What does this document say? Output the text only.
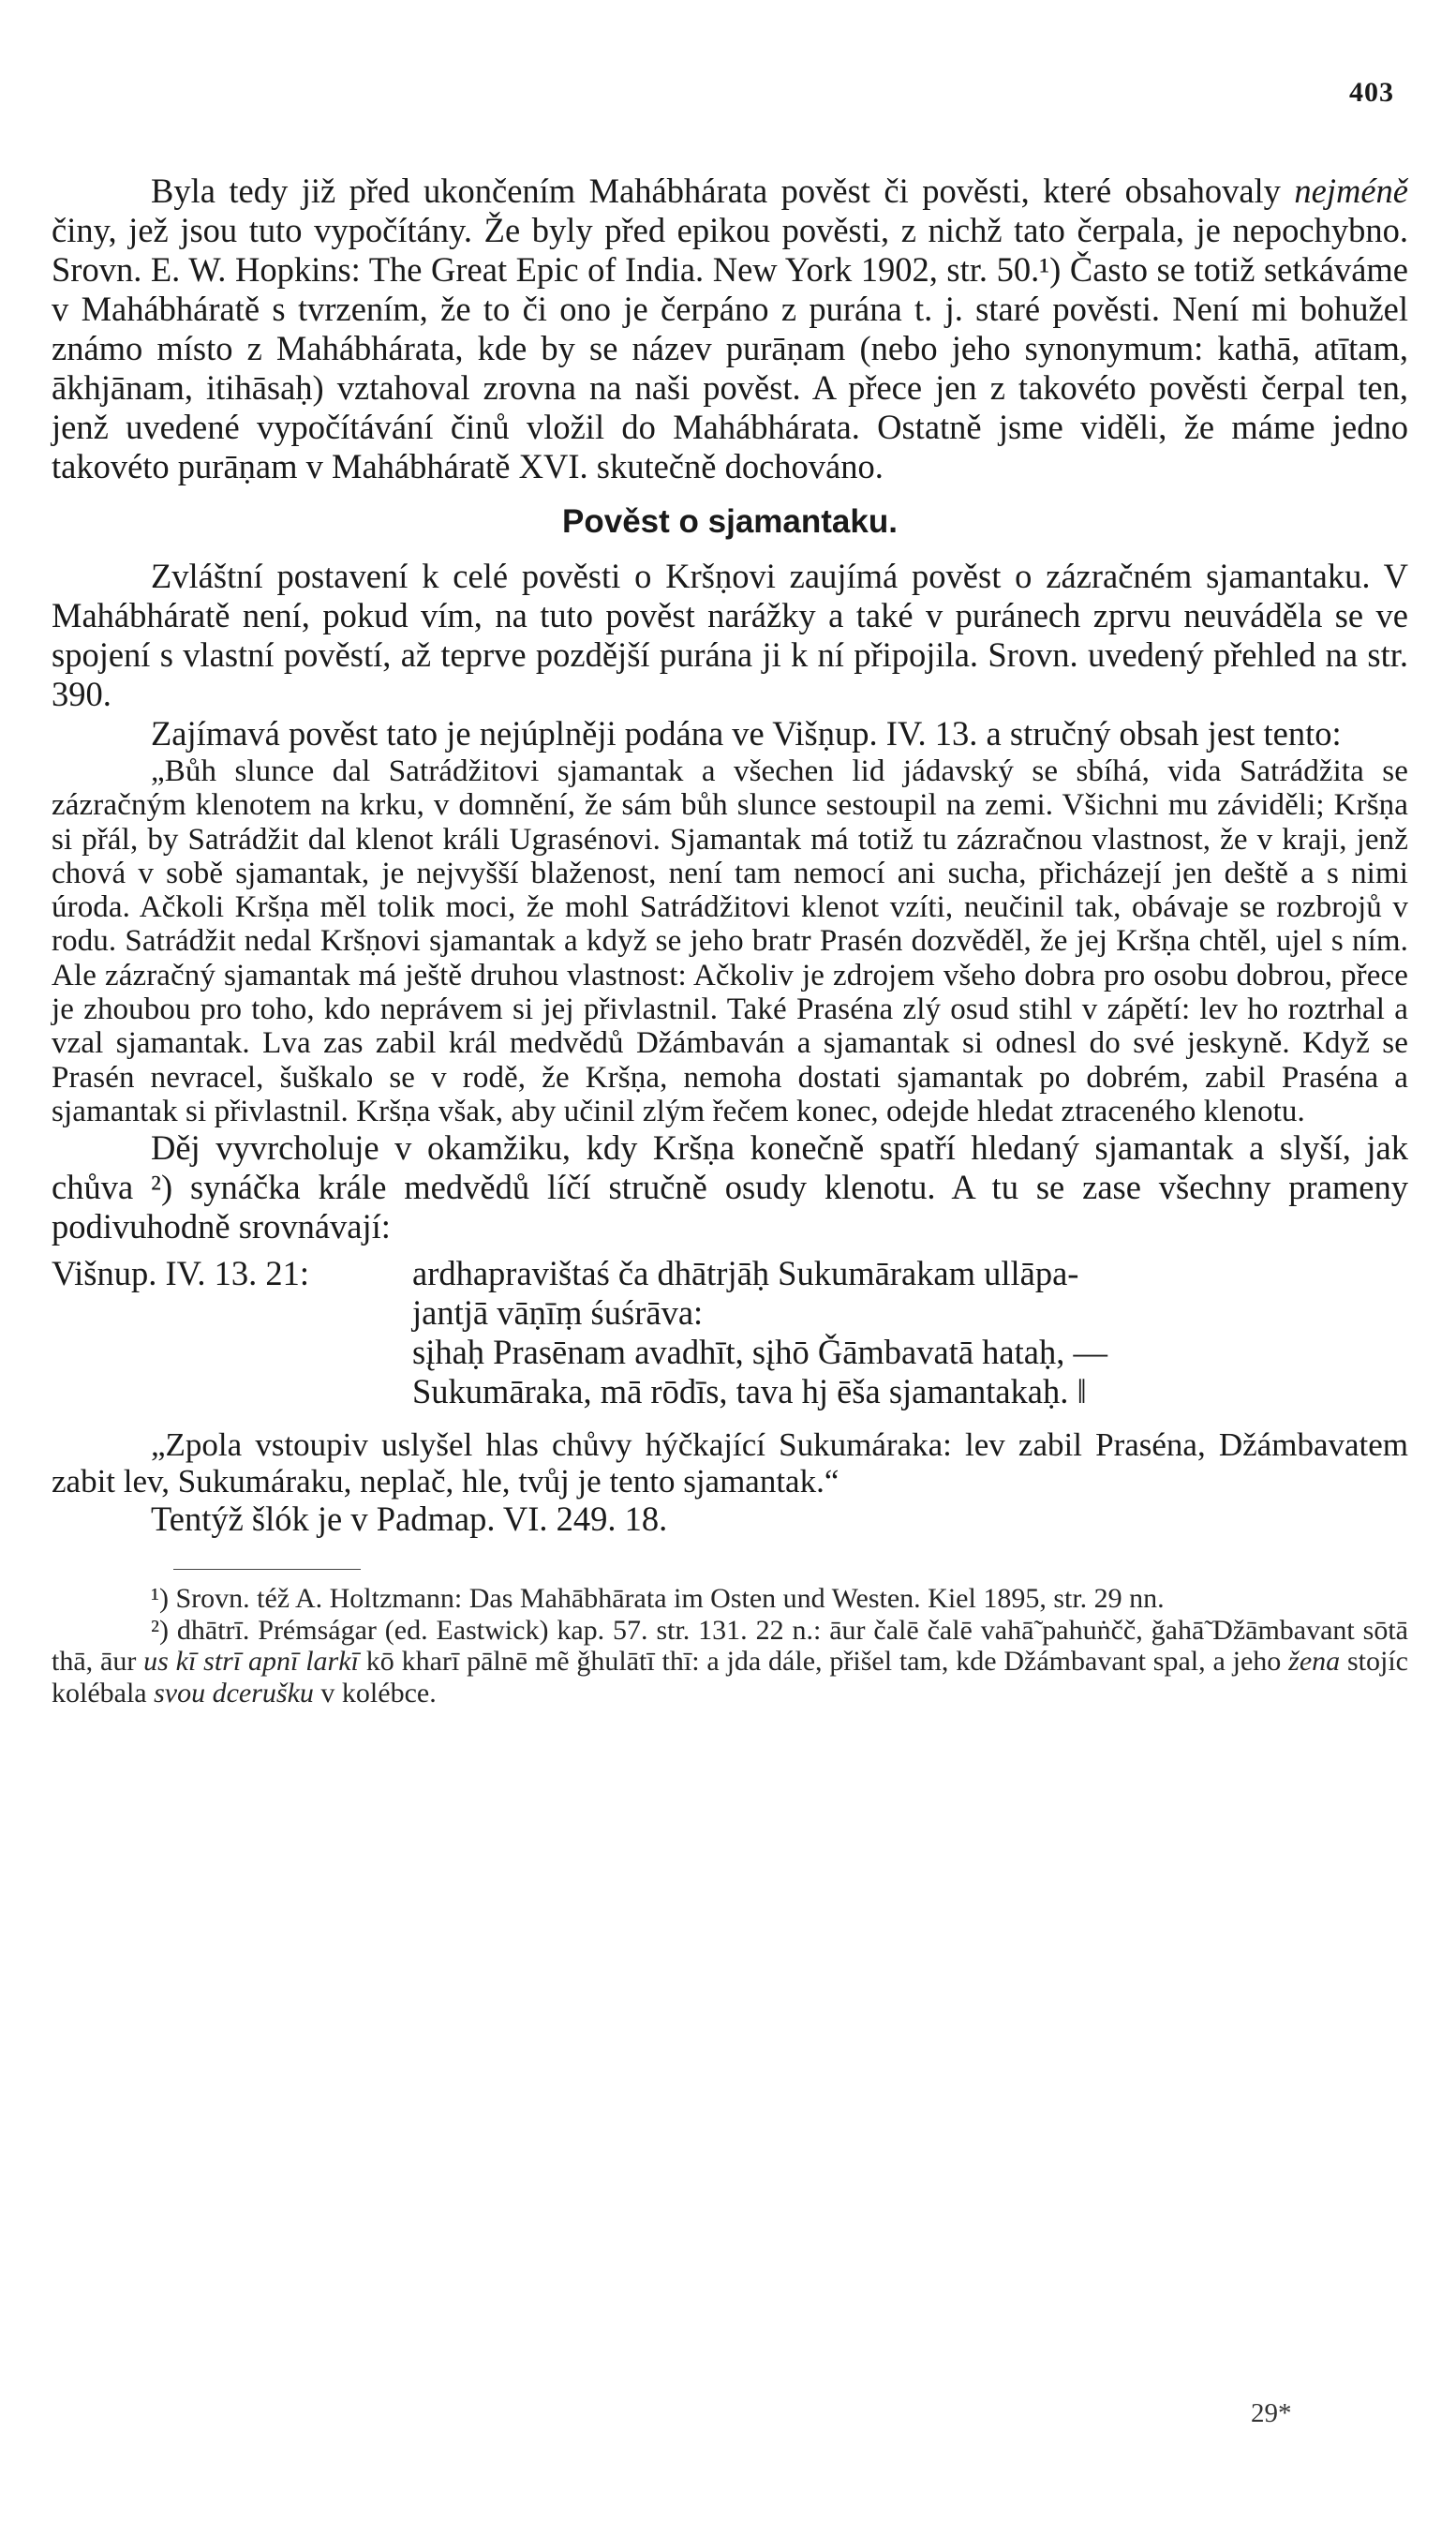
403

Byla tedy již před ukončením Mahábhárata pověst či pověsti, které obsahovaly nejméně činy, jež jsou tuto vypočítány. Že byly před epikou pověsti, z nichž tato čerpala, je nepochybno. Srovn. E. W. Hopkins: The Great Epic of India. New York 1902, str. 50.¹) Často se totiž setkáváme v Mahábháratě s tvrzením, že to či ono je čerpáno z purána t. j. staré pověsti. Není mi bohužel známo místo z Mahábhárata, kde by se název purāṇam (nebo jeho synonymum: kathā, atītam, ākhjānam, itihāsaḥ) vztahoval zrovna na naši pověst. A přece jen z takovéto pověsti čerpal ten, jenž uvedené vypočítávání činů vložil do Mahábhárata. Ostatně jsme viděli, že máme jedno takovéto purāṇam v Mahábháratě XVI. skutečně dochováno.

Pověst o sjamantaku.

Zvláštní postavení k celé pověsti o Kršṇovi zaujímá pověst o zázračném sjamantaku. V Mahábháratě není, pokud vím, na tuto pověst narážky a také v puránech zprvu neuváděla se ve spojení s vlastní pověstí, až teprve pozdější purána ji k ní připojila. Srovn. uvedený přehled na str. 390.

Zajímavá pověst tato je nejúplněji podána ve Višṇup. IV. 13. a stručný obsah jest tento:

„Bůh slunce dal Satrádžitovi sjamantak a všechen lid jádavský se sbíhá, vida Satrádžita se zázračným klenotem na krku, v domnění, že sám bůh slunce sestoupil na zemi. Všichni mu záviděli; Kršṇa si přál, by Satrádžit dal klenot králi Ugrasénovi. Sjamantak má totiž tu zázračnou vlastnost, že v kraji, jenž chová v sobě sjamantak, je nejvyšší blaženost, není tam nemocí ani sucha, přicházejí jen deště a s nimi úroda. Ačkoli Kršṇa měl tolik moci, že mohl Satrádžitovi klenot vzíti, neučinil tak, obávaje se rozbrojů v rodu. Satrádžit nedal Kršṇovi sjamantak a když se jeho bratr Prasén dozvěděl, že jej Kršṇa chtěl, ujel s ním. Ale zázračný sjamantak má ještě druhou vlastnost: Ačkoliv je zdrojem všeho dobra pro osobu dobrou, přece je zhoubou pro toho, kdo neprávem si jej přivlastnil. Také Praséna zlý osud stihl v zápětí: lev ho roztrhal a vzal sjamantak. Lva zas zabil král medvědů Džámbaván a sjamantak si odnesl do své jeskyně. Když se Prasén nevracel, šuškalo se v rodě, že Kršṇa, nemoha dostati sjamantak po dobrém, zabil Praséna a sjamantak si přivlastnil. Kršṇa však, aby učinil zlým řečem konec, odejde hledat ztraceného klenotu.

Děj vyvrcholuje v okamžiku, kdy Kršṇa konečně spatří hledaný sjamantak a slyší, jak chůva ²) synáčka krále medvědů líčí stručně osudy klenotu. A tu se zase všechny prameny podivuhodně srovnávají:

Višnup. IV. 13. 21:	ardhapravištaś ča dhātrjāḥ Sukumārakam ullāpa-
jantjā vāṇīṃ śuśrāva:
sįhaḥ Prasēnam avadhīt, sįhō Ǧāmbavatā hataḥ, —
Sukumāraka, mā rōdīs, tava hj ēša sjamantakaḥ. ‖

„Zpola vstoupiv uslyšel hlas chůvy hýčkající Sukumáraka: lev zabil Praséna, Džámbavatem zabit lev, Sukumáraku, neplač, hle, tvůj je tento sjamantak.“

Tentýž šlók je v Padmap. VI. 249. 18.

¹) Srovn. též A. Holtzmann: Das Mahābhārata im Osten und Westen. Kiel 1895, str. 29 nn.

²) dhātrī. Prémságar (ed. Eastwick) kap. 57. str. 131. 22 n.: āur čalē čalē vahā̃ pahuṅčč, ǧahā̃ Džāmbavant sōtā thā, āur us kī strī apnī larkī kō kharī pālnē mẽ ǧhulātī thī: a jda dále, přišel tam, kde Džámbavant spal, a jeho žena stojíc kolébala svou dcerušku v kolébce.

29*
